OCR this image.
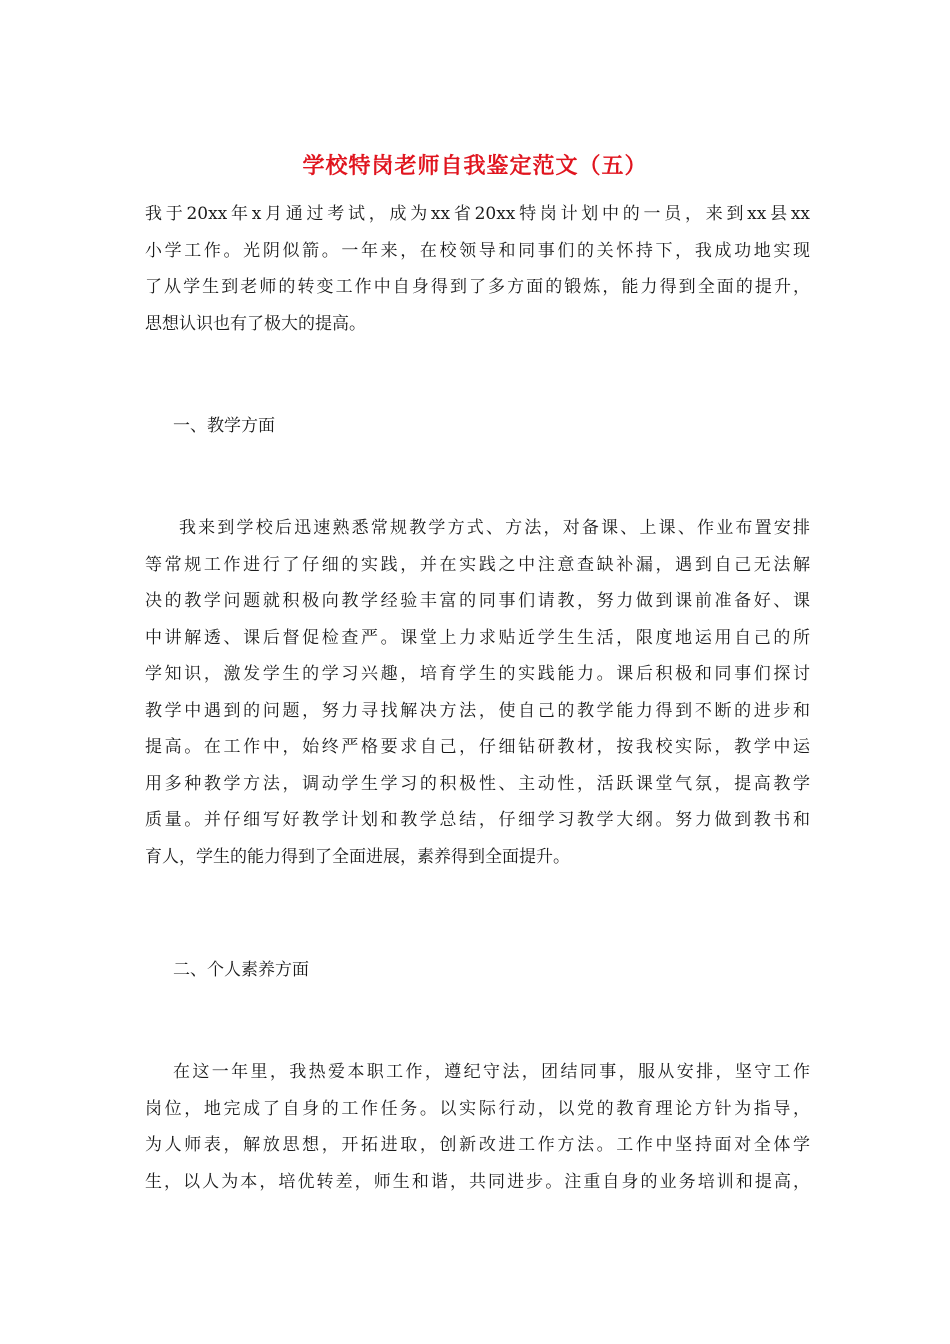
学校特岗老师自我鉴定范文（五）
我于20xx年x月通过考试，成为xx省20xx特岗计划中的一员，来到xx县xx
小学工作。光阴似箭。一年来，在校领导和同事们的关怀持下，我成功地实现
了从学生到老师的转变工作中自身得到了多方面的锻炼，能力得到全面的提升，
思想认识也有了极大的提高。
一、教学方面
我来到学校后迅速熟悉常规教学方式、方法，对备课、上课、作业布置安排
等常规工作进行了仔细的实践，并在实践之中注意查缺补漏，遇到自己无法解
决的教学问题就积极向教学经验丰富的同事们请教，努力做到课前准备好、课
中讲解透、课后督促检查严。课堂上力求贴近学生生活，限度地运用自己的所
学知识，激发学生的学习兴趣，培育学生的实践能力。课后积极和同事们探讨
教学中遇到的问题，努力寻找解决方法，使自己的教学能力得到不断的进步和
提高。在工作中，始终严格要求自己，仔细钻研教材，按我校实际，教学中运
用多种教学方法，调动学生学习的积极性、主动性，活跃课堂气氛，提高教学
质量。并仔细写好教学计划和教学总结，仔细学习教学大纲。努力做到教书和
育人，学生的能力得到了全面进展，素养得到全面提升。
二、个人素养方面
在这一年里，我热爱本职工作，遵纪守法，团结同事，服从安排，坚守工作
岗位，地完成了自身的工作任务。以实际行动，以党的教育理论方针为指导，
为人师表，解放思想，开拓进取，创新改进工作方法。工作中坚持面对全体学
生，以人为本，培优转差，师生和谐，共同进步。注重自身的业务培训和提高，
